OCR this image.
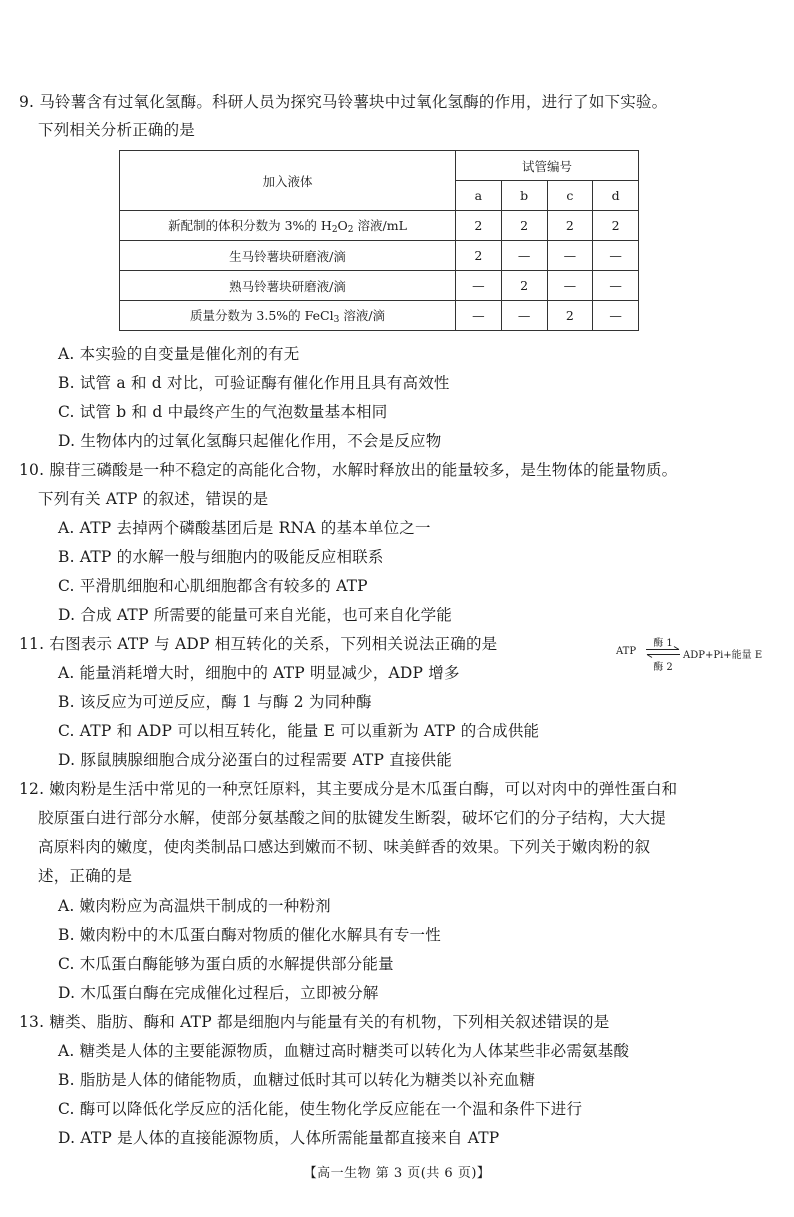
9. 马铃薯含有过氧化氢酶。科研人员为探究马铃薯块中过氧化氢酶的作用，进行了如下实验。
下列相关分析正确的是
加入液体	试管编号			
	a	b	c	d
新配制的体积分数为 3%的 $H_2O_2$ 溶液/mL	2	2	2	2
生马铃薯块研磨液/滴	2	—	—	—
熟马铃薯块研磨液/滴	—	2	—	—
质量分数为 3.5%的 FeCl$_3$ 溶液/滴	—	—	2	—
A. 本实验的自变量是催化剂的有无
B. 试管 a 和 d 对比，可验证酶有催化作用且具有高效性
C. 试管 b 和 d 中最终产生的气泡数量基本相同
D. 生物体内的过氧化氢酶只起催化作用，不会是反应物
10. 腺苷三磷酸是一种不稳定的高能化合物，水解时释放出的能量较多，是生物体的能量物质。
下列有关 ATP 的叙述，错误的是
A. ATP 去掉两个磷酸基团后是 RNA 的基本单位之一
B. ATP 的水解一般与细胞内的吸能反应相联系
C. 平滑肌细胞和心肌细胞都含有较多的 ATP
D. 合成 ATP 所需要的能量可来自光能，也可来自化学能
11. 右图表示 ATP 与 ADP 相互转化的关系，下列相关说法正确的是	ATP
酶 1
酶 2
ADP+Pi+能量 E
A. 能量消耗增大时，细胞中的 ATP 明显减少，ADP 增多
B. 该反应为可逆反应，酶 1 与酶 2 为同种酶
C. ATP 和 ADP 可以相互转化，能量 E 可以重新为 ATP 的合成供能
D. 豚鼠胰腺细胞合成分泌蛋白的过程需要 ATP 直接供能
12. 嫩肉粉是生活中常见的一种烹饪原料，其主要成分是木瓜蛋白酶，可以对肉中的弹性蛋白和
胶原蛋白进行部分水解，使部分氨基酸之间的肽键发生断裂，破坏它们的分子结构，大大提
高原料肉的嫩度，使肉类制品口感达到嫩而不韧、味美鲜香的效果。下列关于嫩肉粉的叙
述，正确的是
A. 嫩肉粉应为高温烘干制成的一种粉剂
B. 嫩肉粉中的木瓜蛋白酶对物质的催化水解具有专一性
C. 木瓜蛋白酶能够为蛋白质的水解提供部分能量
D. 木瓜蛋白酶在完成催化过程后，立即被分解
13. 糖类、脂肪、酶和 ATP 都是细胞内与能量有关的有机物，下列相关叙述错误的是
A. 糖类是人体的主要能源物质，血糖过高时糖类可以转化为人体某些非必需氨基酸
B. 脂肪是人体的储能物质，血糖过低时其可以转化为糖类以补充血糖
C. 酶可以降低化学反应的活化能，使生物化学反应能在一个温和条件下进行
D. ATP 是人体的直接能源物质，人体所需能量都直接来自 ATP
【高一生物 第 3 页(共 6 页)】
